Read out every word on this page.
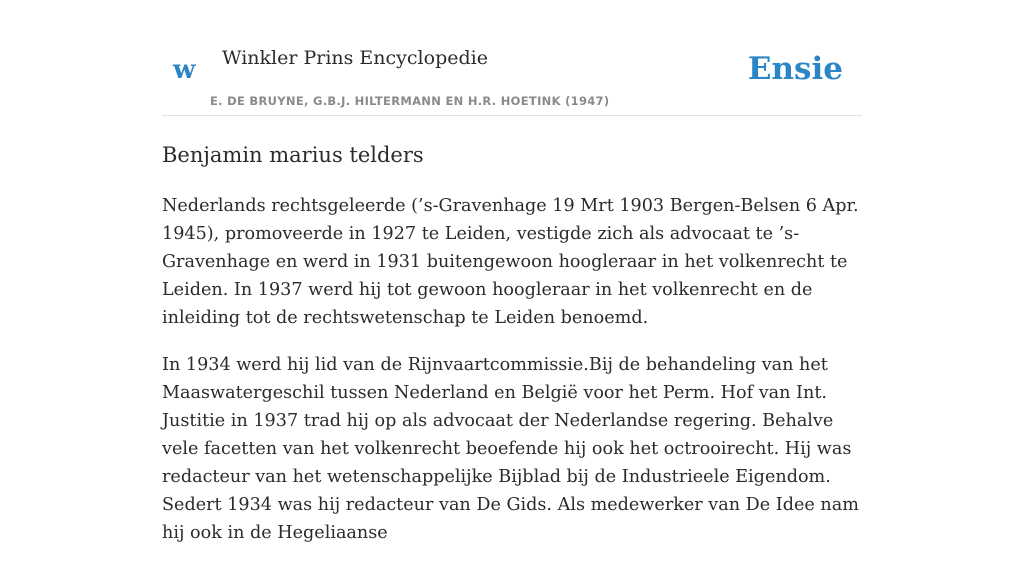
w Winkler Prins Encyclopedie
E. DE BRUYNE, G.B.J. HILTERMANN EN H.R. HOETINK (1947)
Ensie
Benjamin marius telders

Nederlands rechtsgeleerde (’s-Gravenhage 19 Mrt 1903 Bergen-Belsen 6 Apr. 1945), promoveerde in 1927 te Leiden, vestigde zich als advocaat te ’s-Gravenhage en werd in 1931 buitengewoon hoogleraar in het volkenrecht te Leiden. In 1937 werd hij tot gewoon hoogleraar in het volkenrecht en de inleiding tot de rechtswetenschap te Leiden benoemd.

In 1934 werd hij lid van de Rijnvaartcommissie.Bij de behandeling van het Maaswatergeschil tussen Nederland en België voor het Perm. Hof van Int. Justitie in 1937 trad hij op als advocaat der Nederlandse regering. Behalve vele facetten van het volkenrecht beoefende hij ook het octrooirecht. Hij was redacteur van het wetenschappelijke Bijblad bij de Industrieele Eigendom. Sedert 1934 was hij redacteur van De Gids. Als medewerker van De Idee nam hij ook in de Hegeliaanse
